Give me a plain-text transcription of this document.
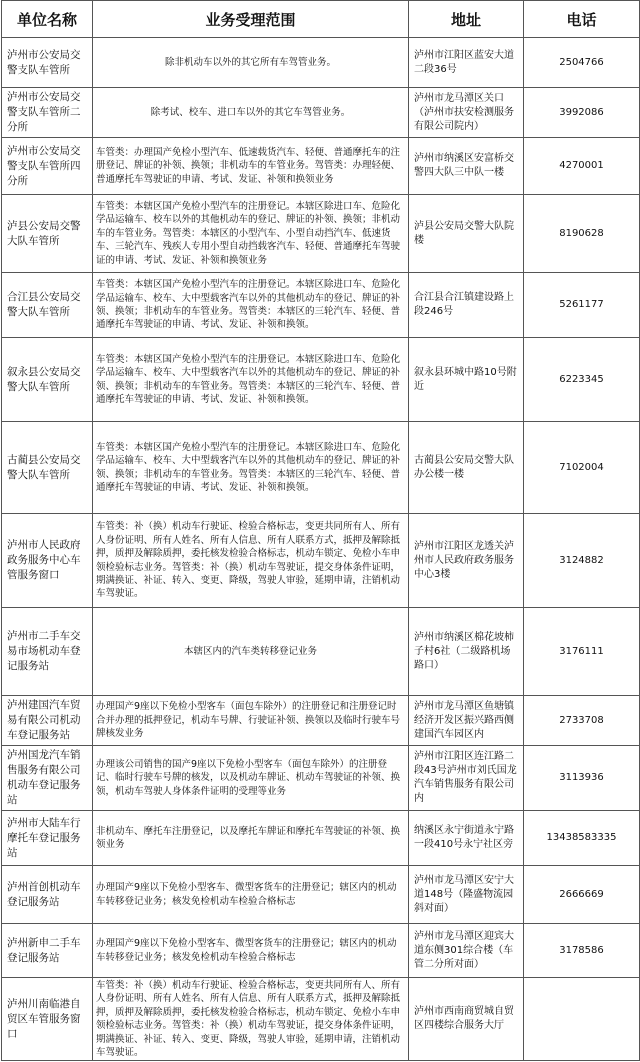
单位名称	业务受理范围	地址	电话
泸州市公安局交警支队车管所	除非机动车以外的其它所有车驾管业务。	泸州市江阳区蓝安大道二段36号	2504766
泸州市公安局交警支队车管所二分所	除考试、校车、进口车以外的其它车驾管业务。	泸州市龙马潭区关口（泸州市扶安检测服务有限公司院内）	3992086
泸州市公安局交警支队车管所四分所	车管类：办理国产免检小型汽车、低速载货汽车、轻便、普通摩托车的注册登记、牌证的补领、换领；非机动车的车管业务。驾管类：办理轻便、普通摩托车驾驶证的申请、考试、发证、补领和换领业务	泸州市纳溪区安富桥交警四大队三中队一楼	4270001
泸县公安局交警大队车管所	车管类：本辖区国产免检小型汽车的注册登记。本辖区除进口车、危险化学品运输车、校车以外的其他机动车的登记、牌证的补领、换领；非机动车的车管业务。驾管类：本辖区的小型汽车、小型自动挡汽车、低速货车、三轮汽车、残疾人专用小型自动挡载客汽车、轻便、普通摩托车驾驶证的申请、考试、发证、补领和换领业务	泸县公安局交警大队院楼	8190628
合江县公安局交警大队车管所	车管类：本辖区国产免检小型汽车的注册登记。本辖区除进口车、危险化学品运输车、校车、大中型载客汽车以外的其他机动车的登记、牌证的补领、换领；非机动车的车管业务。驾管类：本辖区的三轮汽车、轻便、普通摩托车驾驶证的申请、考试、发证、补领和换领。	合江县合江镇建设路上段246号	5261177
叙永县公安局交警大队车管所	车管类：本辖区国产免检小型汽车的注册登记。本辖区除进口车、危险化学品运输车、校车、大中型载客汽车以外的其他机动车的登记、牌证的补领、换领；非机动车的车管业务。驾管类：本辖区的三轮汽车、轻便、普通摩托车驾驶证的申请、考试、发证、补领和换领。	叙永县环城中路10号附近	6223345
古蔺县公安局交警大队车管所	车管类：本辖区国产免检小型汽车的注册登记。本辖区除进口车、危险化学品运输车、校车、大中型载客汽车以外的其他机动车的登记、牌证的补领、换领；非机动车的车管业务。驾管类：本辖区的三轮汽车、轻便、普通摩托车驾驶证的申请、考试、发证、补领和换领。	古蔺县公安局交警大队办公楼一楼	7102004
泸州市人民政府政务服务中心车管服务窗口	车管类：补（换）机动车行驶证、检验合格标志，变更共同所有人、所有人身份证明、所有人姓名、所有人信息、所有人联系方式，抵押及解除抵押，质押及解除质押，委托核发检验合格标志，机动车锁定、免检小车申领检验标志业务。驾管类：补（换）机动车驾驶证，提交身体条件证明，期满换证、补证、转入、变更、降级，驾驶人审验，延期申请，注销机动车驾驶证。	泸州市江阳区龙透关泸州市人民政府政务服务中心3楼	3124882
泸州市二手车交易市场机动车登记服务站	本辖区内的汽车类转移登记业务	泸州市纳溪区棉花坡柿子村6社（二级路机场路口）	3176111
泸州建国汽车贸易有限公司机动车登记服务站	办理国产9座以下免检小型客车（面包车除外）的注册登记和注册登记时合并办理的抵押登记，机动车号牌、行驶证补领、换领以及临时行驶车号牌核发业务	泸州市龙马潭区鱼塘镇经济开发区振兴路西侧建国汽车园区内	2733708
泸州国龙汽车销售服务有限公司机动车登记服务站	办理该公司销售的国产9座以下免检小型客车（面包车除外）的注册登记、临时行驶车号牌的核发，以及机动车牌证、机动车驾驶证的补领、换领，机动车驾驶人身体条件证明的受理等业务	泸州市江阳区连江路二段43号泸州市刘氏国龙汽车销售服务有限公司内	3113936
泸州市大陆车行摩托车登记服务站	非机动车、摩托车注册登记，以及摩托车牌证和摩托车驾驶证的补领、换领业务	纳溪区永宁街道永宁路一段410号永宁社区旁	13438583335
泸州首创机动车登记服务站	办理国产9座以下免检小型客车、微型客货车的注册登记；辖区内的机动车转移登记业务；核发免检机动车检验合格标志	泸州市龙马潭区安宁大道148号（隆盛物流园斜对面）	2666669
泸州新申二手车登记服务站	办理国产9座以下免检小型客车、微型客货车的注册登记；辖区内的机动车转移登记业务；核发免检机动车检验合格标志	泸州市龙马潭区迎宾大道东侧301综合楼（车管二分所对面）	3178586
泸州川南临港自贸区车管服务窗口	车管类：补（换）机动车行驶证、检验合格标志，变更共同所有人、所有人身份证明、所有人姓名、所有人信息、所有人联系方式，抵押及解除抵押，质押及解除质押，委托核发检验合格标志，机动车锁定、免检小车申领检验标志业务。驾管类：补（换）机动车驾驶证，提交身体条件证明，期满换证、补证、转入、变更、降级，驾驶人审验，延期申请，注销机动车驾驶证。	泸州市西南商贸城自贸区四楼综合服务大厅	
